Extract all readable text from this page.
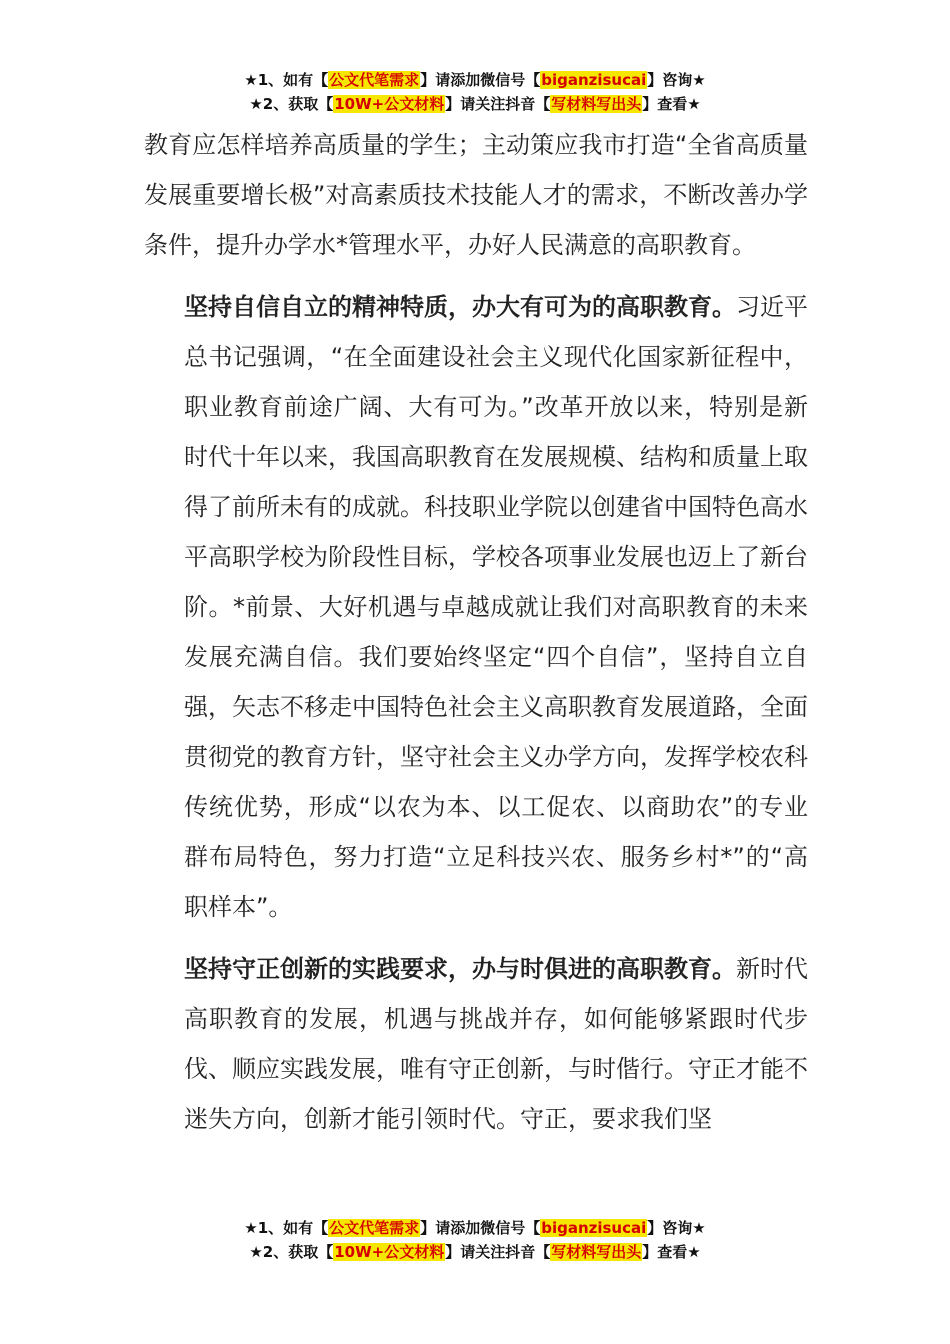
★1、如有【公文代笔需求】请添加微信号【biganzisucai】咨询★
★2、获取【10W+公文材料】请关注抖音【写材料写出头】查看★

教育应怎样培养高质量的学生；主动策应我市打造“全省高质量发展重要增长极”对高素质技术技能人才的需求，不断改善办学条件，提升办学水*管理水平，办好人民满意的高职教育。

坚持自信自立的精神特质，办大有可为的高职教育。习近平总书记强调，“在全面建设社会主义现代化国家新征程中，职业教育前途广阔、大有可为。”改革开放以来，特别是新时代十年以来，我国高职教育在发展规模、结构和质量上取得了前所未有的成就。科技职业学院以创建省中国特色高水平高职学校为阶段性目标，学校各项事业发展也迈上了新台阶。*前景、大好机遇与卓越成就让我们对高职教育的未来发展充满自信。我们要始终坚定“四个自信”，坚持自立自强，矢志不移走中国特色社会主义高职教育发展道路，全面贯彻党的教育方针，坚守社会主义办学方向，发挥学校农科传统优势，形成“以农为本、以工促农、以商助农”的专业群布局特色，努力打造“立足科技兴农、服务乡村*”的“高职样本”。

坚持守正创新的实践要求，办与时俱进的高职教育。新时代高职教育的发展，机遇与挑战并存，如何能够紧跟时代步伐、顺应实践发展，唯有守正创新，与时偕行。守正才能不迷失方向，创新才能引领时代。守正，要求我们坚

★1、如有【公文代笔需求】请添加微信号【biganzisucai】咨询★
★2、获取【10W+公文材料】请关注抖音【写材料写出头】查看★
